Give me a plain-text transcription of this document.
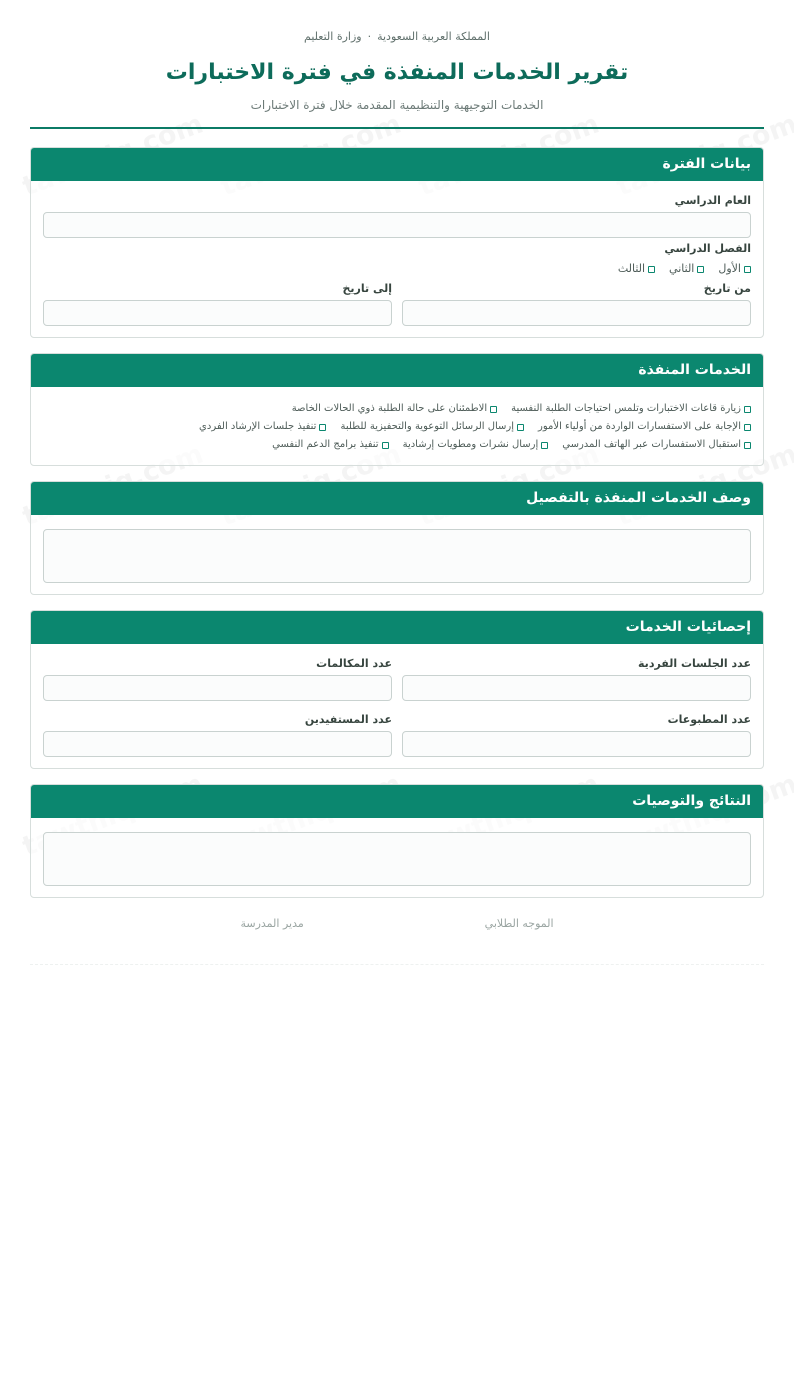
المملكة العربية السعودية·وزارة التعليم
تقرير الخدمات المنفذة في فترة الاختبارات
الخدمات التوجيهية والتنظيمية المقدمة خلال فترة الاختبارات
بيانات الفترة
العام الدراسي
الفصل الدراسي
الأول
الثاني
الثالث
من تاريخ
إلى تاريخ
الخدمات المنفذة
زيارة قاعات الاختبارات وتلمس احتياجات الطلبة النفسية
الاطمئنان على حالة الطلبة ذوي الحالات الخاصة
الإجابة على الاستفسارات الواردة من أولياء الأمور
إرسال الرسائل التوعوية والتحفيزية للطلبة
تنفيذ جلسات الإرشاد الفردي
استقبال الاستفسارات عبر الهاتف المدرسي
إرسال نشرات ومطويات إرشادية
تنفيذ برامج الدعم النفسي
وصف الخدمات المنفذة بالتفصيل
إحصائيات الخدمات
عدد الجلسات الفردية
عدد المكالمات
عدد المطبوعات
عدد المستفيدين
النتائج والتوصيات
الموجه الطلابي
مدير المدرسة
